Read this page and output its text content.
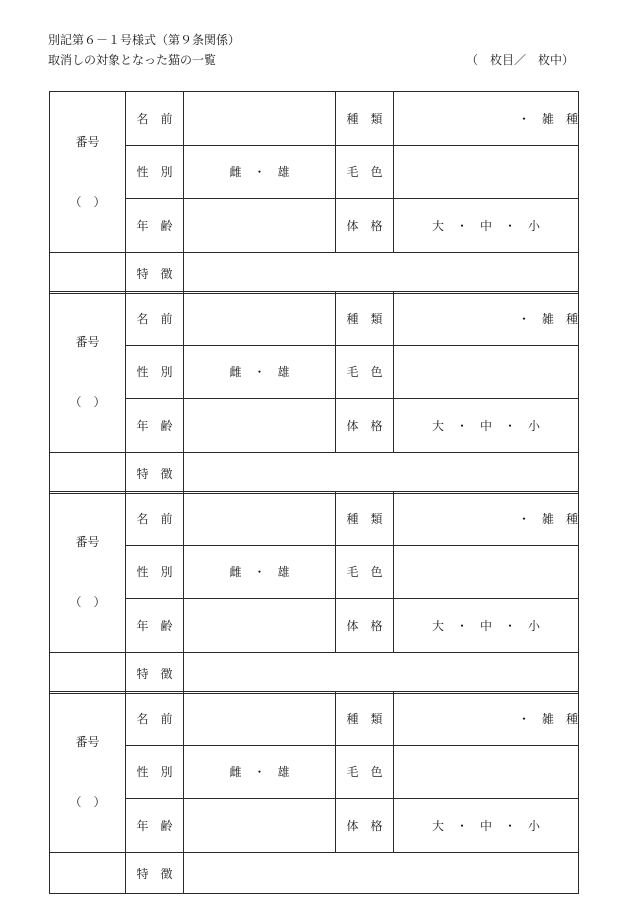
別記第６－１号様式（第９条関係）
取消しの対象となった猫の一覧	（　枚目／　枚中）

番号

（　）	名　前		種　類	・　雑　種
	性　別	雌　・　雄	毛　色	
	年　齢		体　格	大　・　中　・　小
	特　徴			

番号

（　）	名　前		種　類	・　雑　種
	性　別	雌　・　雄	毛　色	
	年　齢		体　格	大　・　中　・　小
	特　徴			

番号

（　）	名　前		種　類	・　雑　種
	性　別	雌　・　雄	毛　色	
	年　齢		体　格	大　・　中　・　小
	特　徴			

番号

（　）	名　前		種　類	・　雑　種
	性　別	雌　・　雄	毛　色	
	年　齢		体　格	大　・　中　・　小
	特　徴			
